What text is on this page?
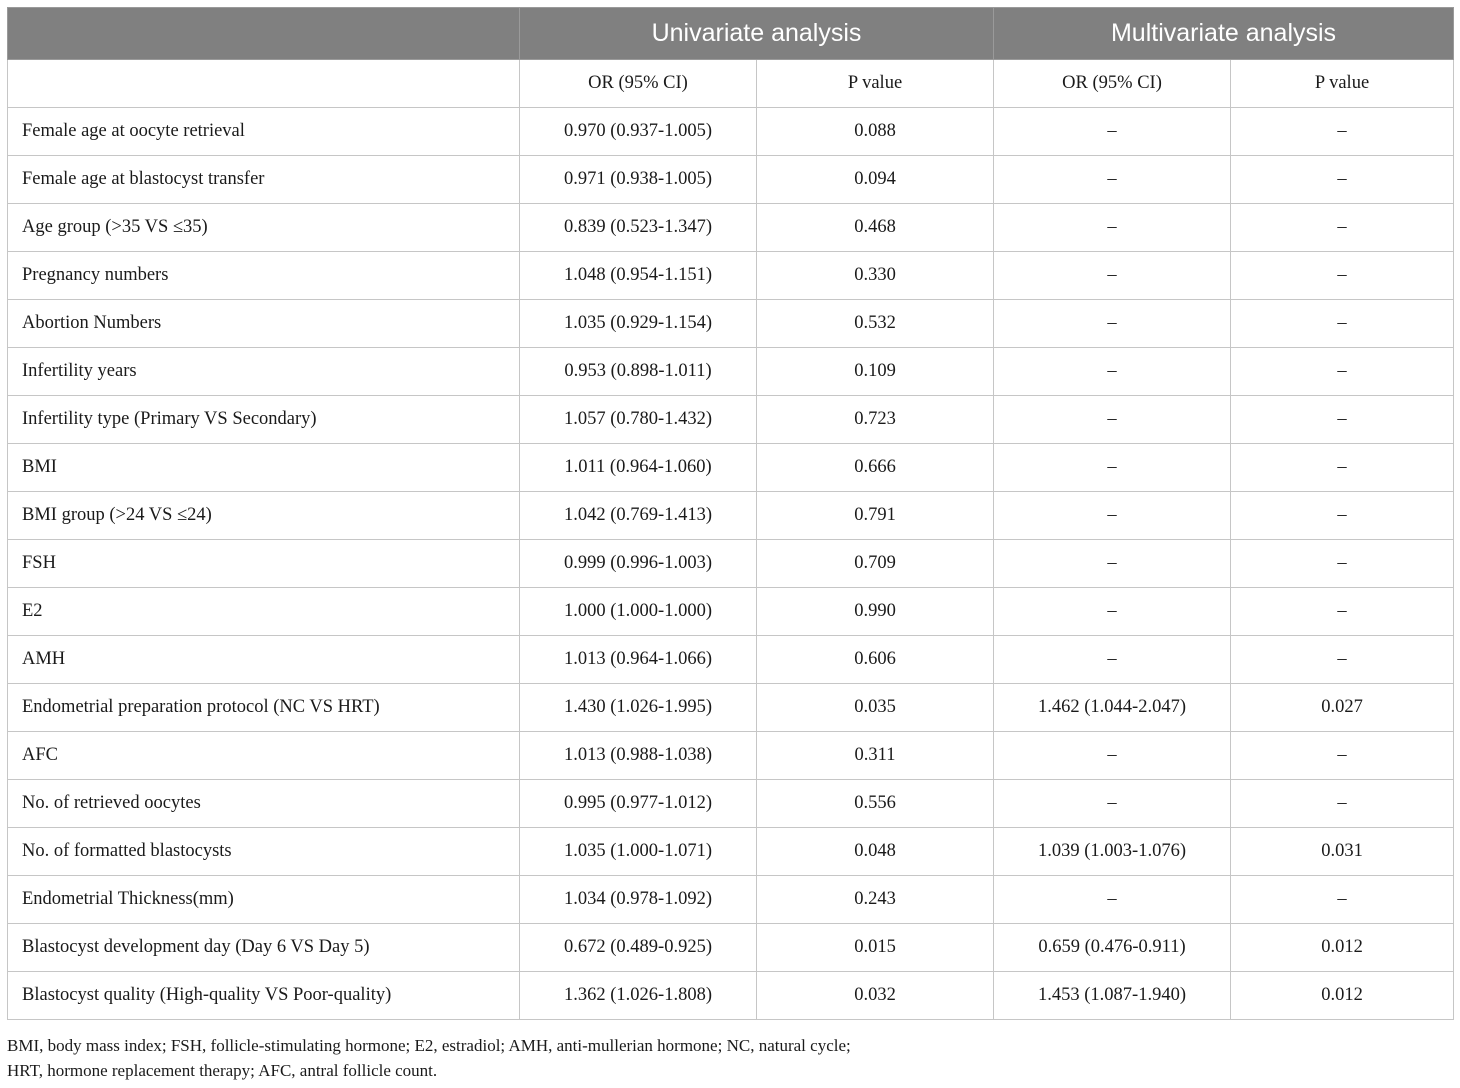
	Univariate analysis		Multivariate analysis	
	OR (95% CI)	P value	OR (95% CI)	P value
Female age at oocyte retrieval	0.970 (0.937-1.005)	0.088	–	–
Female age at blastocyst transfer	0.971 (0.938-1.005)	0.094	–	–
Age group (>35 VS ≤35)	0.839 (0.523-1.347)	0.468	–	–
Pregnancy numbers	1.048 (0.954-1.151)	0.330	–	–
Abortion Numbers	1.035 (0.929-1.154)	0.532	–	–
Infertility years	0.953 (0.898-1.011)	0.109	–	–
Infertility type (Primary VS Secondary)	1.057 (0.780-1.432)	0.723	–	–
BMI	1.011 (0.964-1.060)	0.666	–	–
BMI group (>24 VS ≤24)	1.042 (0.769-1.413)	0.791	–	–
FSH	0.999 (0.996-1.003)	0.709	–	–
E2	1.000 (1.000-1.000)	0.990	–	–
AMH	1.013 (0.964-1.066)	0.606	–	–
Endometrial preparation protocol (NC VS HRT)	1.430 (1.026-1.995)	0.035	1.462 (1.044-2.047)	0.027
AFC	1.013 (0.988-1.038)	0.311	–	–
No. of retrieved oocytes	0.995 (0.977-1.012)	0.556	–	–
No. of formatted blastocysts	1.035 (1.000-1.071)	0.048	1.039 (1.003-1.076)	0.031
Endometrial Thickness(mm)	1.034 (0.978-1.092)	0.243	–	–
Blastocyst development day (Day 6 VS Day 5)	0.672 (0.489-0.925)	0.015	0.659 (0.476-0.911)	0.012
Blastocyst quality (High-quality VS Poor-quality)	1.362 (1.026-1.808)	0.032	1.453 (1.087-1.940)	0.012
BMI, body mass index; FSH, follicle-stimulating hormone; E2, estradiol; AMH, anti-mullerian hormone; NC, natural cycle;
HRT, hormone replacement therapy; AFC, antral follicle count.
